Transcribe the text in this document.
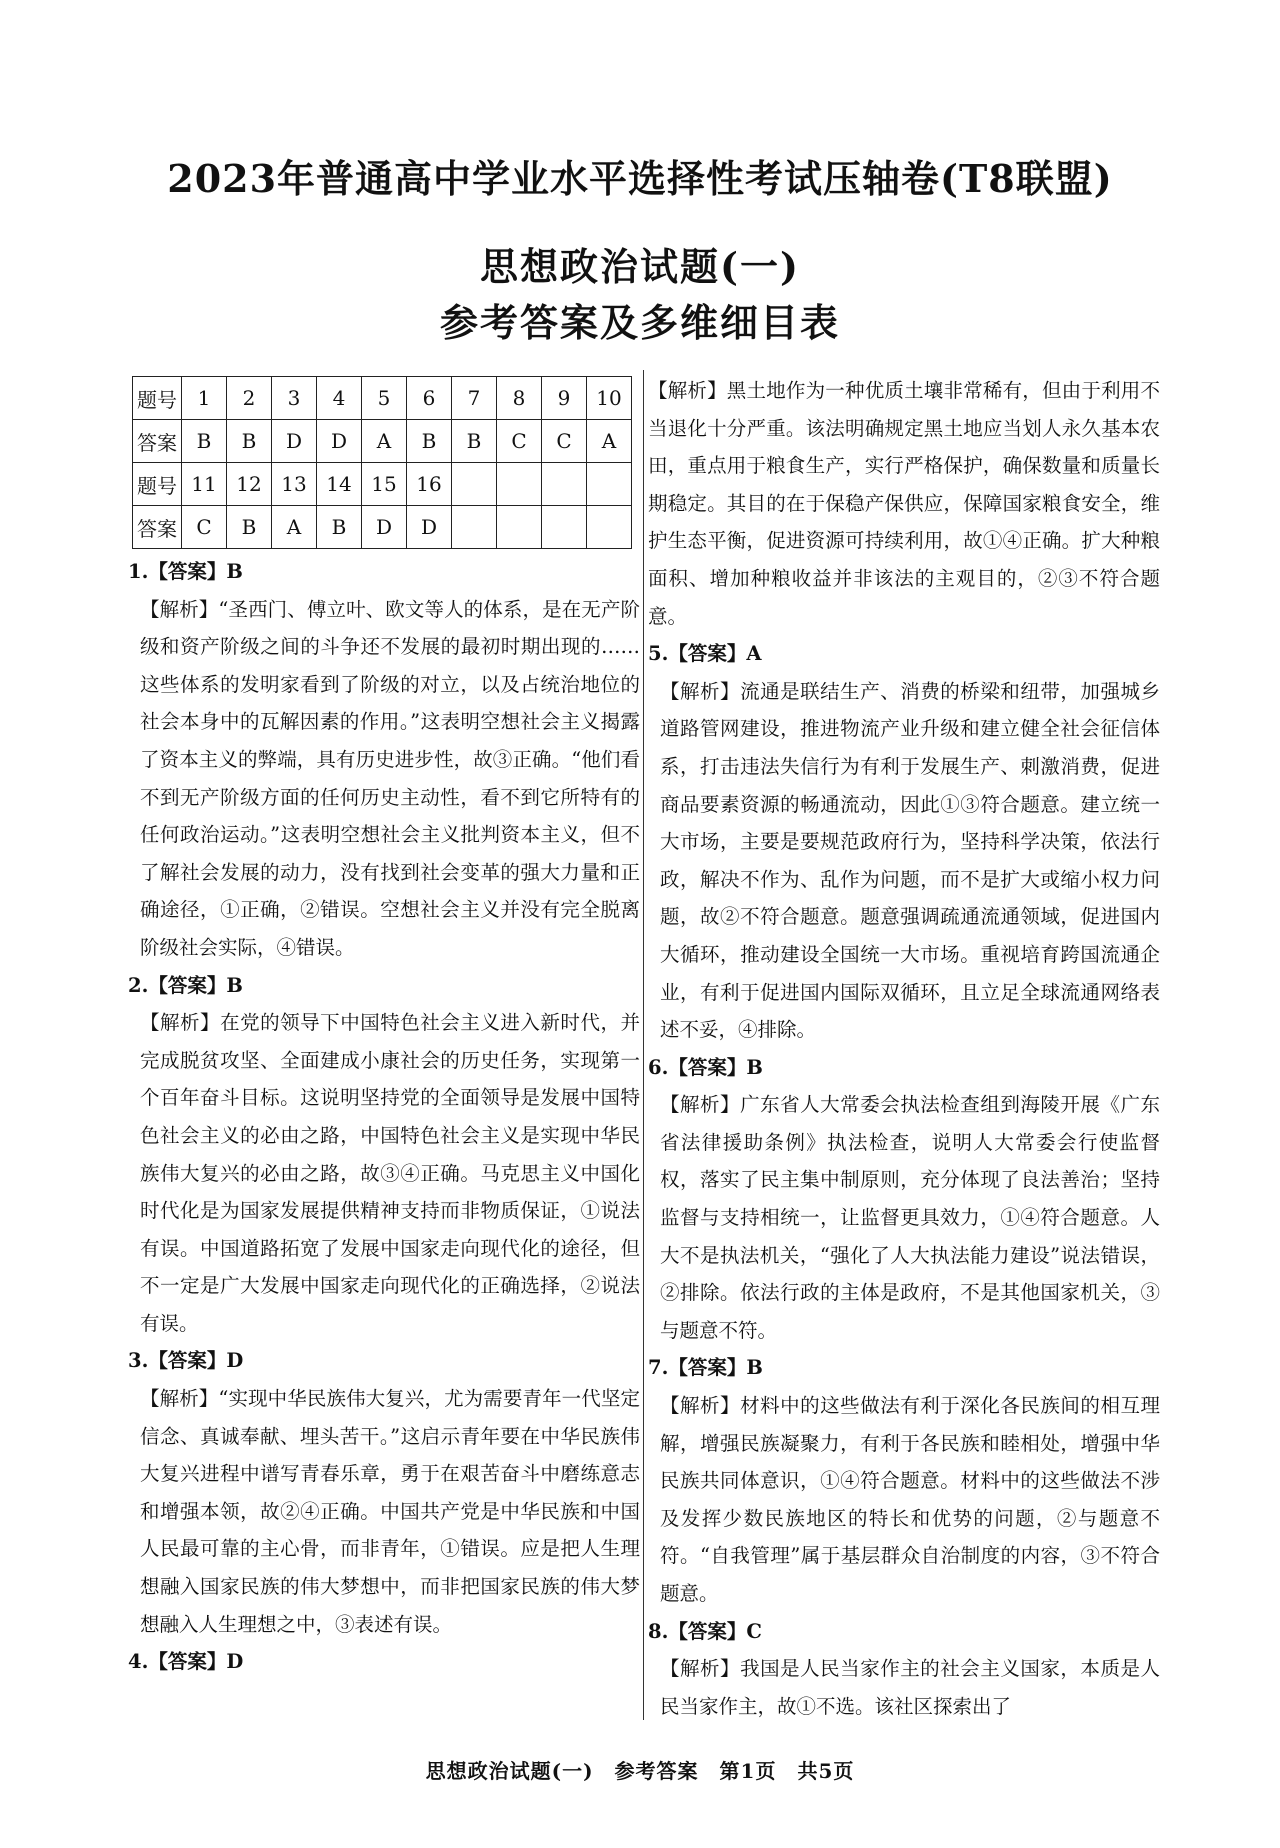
2023年普通高中学业水平选择性考试压轴卷(T8联盟)
思想政治试题(一)
参考答案及多维细目表
题号	1	2	3	4	5	6	7	8	9	10
答案	B	B	D	D	A	B	B	C	C	A
题号	11	12	13	14	15	16				
答案	C	B	A	B	D	D				
1.【答案】B
【解析】“圣西门、傅立叶、欧文等人的体系，是在无产阶级和资产阶级之间的斗争还不发展的最初时期出现的……这些体系的发明家看到了阶级的对立，以及占统治地位的社会本身中的瓦解因素的作用。”这表明空想社会主义揭露了资本主义的弊端，具有历史进步性，故③正确。“他们看不到无产阶级方面的任何历史主动性，看不到它所特有的任何政治运动。”这表明空想社会主义批判资本主义，但不了解社会发展的动力，没有找到社会变革的强大力量和正确途径，①正确，②错误。空想社会主义并没有完全脱离阶级社会实际，④错误。
2.【答案】B
【解析】在党的领导下中国特色社会主义进入新时代，并完成脱贫攻坚、全面建成小康社会的历史任务，实现第一个百年奋斗目标。这说明坚持党的全面领导是发展中国特色社会主义的必由之路，中国特色社会主义是实现中华民族伟大复兴的必由之路，故③④正确。马克思主义中国化时代化是为国家发展提供精神支持而非物质保证，①说法有误。中国道路拓宽了发展中国家走向现代化的途径，但不一定是广大发展中国家走向现代化的正确选择，②说法有误。
3.【答案】D
【解析】“实现中华民族伟大复兴，尤为需要青年一代坚定信念、真诚奉献、埋头苦干。”这启示青年要在中华民族伟大复兴进程中谱写青春乐章，勇于在艰苦奋斗中磨练意志和增强本领，故②④正确。中国共产党是中华民族和中国人民最可靠的主心骨，而非青年，①错误。应是把人生理想融入国家民族的伟大梦想中，而非把国家民族的伟大梦想融入人生理想之中，③表述有误。
4.【答案】D
【解析】黑土地作为一种优质土壤非常稀有，但由于利用不当退化十分严重。该法明确规定黑土地应当划人永久基本农田，重点用于粮食生产，实行严格保护，确保数量和质量长期稳定。其目的在于保稳产保供应，保障国家粮食安全，维护生态平衡，促进资源可持续利用，故①④正确。扩大种粮面积、增加种粮收益并非该法的主观目的，②③不符合题意。
5.【答案】A
【解析】流通是联结生产、消费的桥梁和纽带，加强城乡道路管网建设，推进物流产业升级和建立健全社会征信体系，打击违法失信行为有利于发展生产、刺激消费，促进商品要素资源的畅通流动，因此①③符合题意。建立统一大市场，主要是要规范政府行为，坚持科学决策，依法行政，解决不作为、乱作为问题，而不是扩大或缩小权力问题，故②不符合题意。题意强调疏通流通领域，促进国内大循环，推动建设全国统一大市场。重视培育跨国流通企业，有利于促进国内国际双循环，且立足全球流通网络表述不妥，④排除。
6.【答案】B
【解析】广东省人大常委会执法检查组到海陵开展《广东省法律援助条例》执法检查，说明人大常委会行使监督权，落实了民主集中制原则，充分体现了良法善治；坚持监督与支持相统一，让监督更具效力，①④符合题意。人大不是执法机关，“强化了人大执法能力建设”说法错误，②排除。依法行政的主体是政府，不是其他国家机关，③与题意不符。
7.【答案】B
【解析】材料中的这些做法有利于深化各民族间的相互理解，增强民族凝聚力，有利于各民族和睦相处，增强中华民族共同体意识，①④符合题意。材料中的这些做法不涉及发挥少数民族地区的特长和优势的问题，②与题意不符。“自我管理”属于基层群众自治制度的内容，③不符合题意。
8.【答案】C
【解析】我国是人民当家作主的社会主义国家，本质是人民当家作主，故①不选。该社区探索出了
思想政治试题(一)　参考答案　第1页　共5页
